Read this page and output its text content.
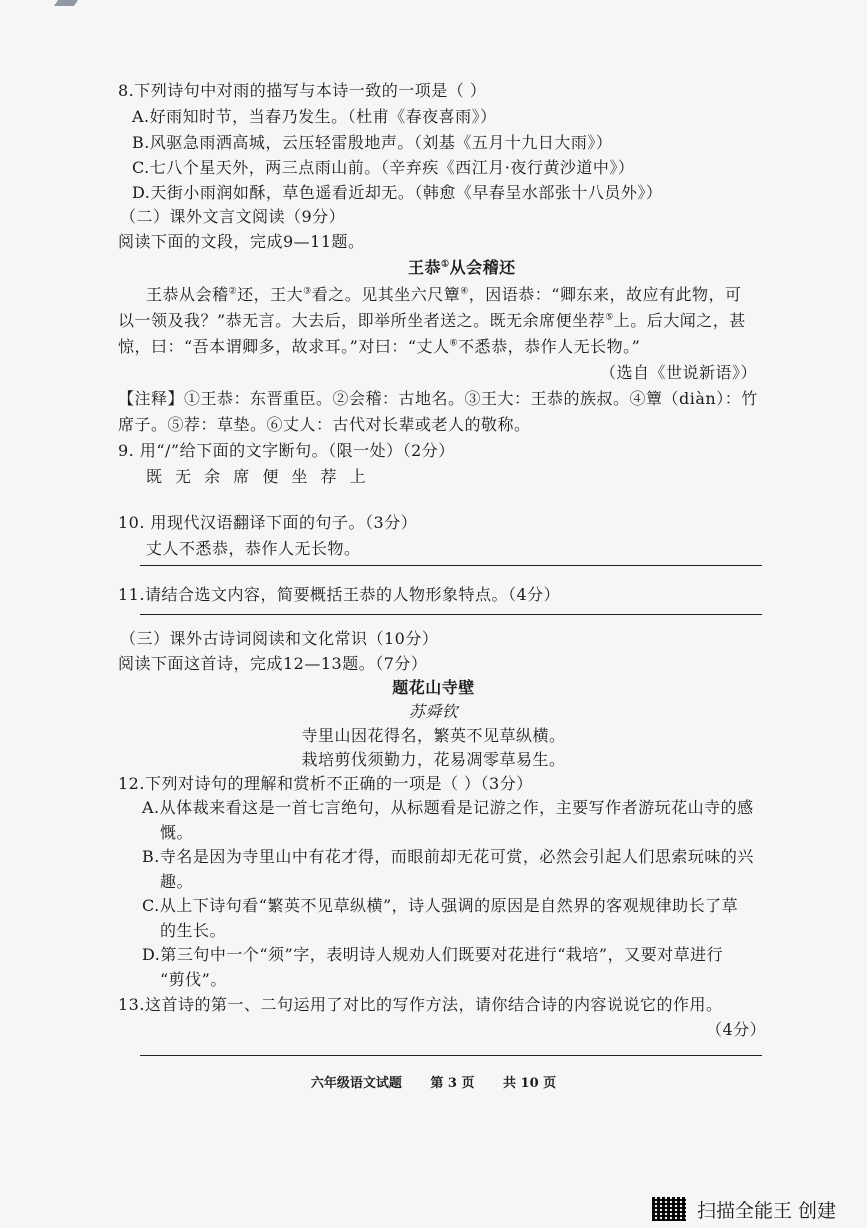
8.下列诗句中对雨的描写与本诗一致的一项是（ ）
A.好雨知时节，当春乃发生。（杜甫《春夜喜雨》）
B.风驱急雨洒高城，云压轻雷殷地声。（刘基《五月十九日大雨》）
C.七八个星天外，两三点雨山前。（辛弃疾《西江月·夜行黄沙道中》）
D.天街小雨润如酥，草色遥看近却无。（韩愈《早春呈水部张十八员外》）
（二）课外文言文阅读（9分）
阅读下面的文段，完成9—11题。
王恭①从会稽还
王恭从会稽②还，王大③看之。见其坐六尺簟④，因语恭：“卿东来，故应有此物，可
以一领及我？”恭无言。大去后，即举所坐者送之。既无余席便坐荐⑤上。后大闻之，甚
惊，曰：“吾本谓卿多，故求耳。”对曰：“丈人⑥不悉恭，恭作人无长物。”
（选自《世说新语》）
【注释】①王恭：东晋重臣。②会稽：古地名。③王大：王恭的族叔。④簟（diàn）：竹
席子。⑤荐：草垫。⑥丈人：古代对长辈或老人的敬称。
9. 用“/”给下面的文字断句。（限一处）（2分）
既 无 余 席 便 坐 荐 上
10. 用现代汉语翻译下面的句子。（3分）
丈人不悉恭，恭作人无长物。
11.请结合选文内容，简要概括王恭的人物形象特点。（4分）
（三）课外古诗词阅读和文化常识（10分）
阅读下面这首诗，完成12—13题。（7分）
题花山寺壁
苏舜钦
寺里山因花得名，繁英不见草纵横。
栽培剪伐须勤力，花易凋零草易生。
12.下列对诗句的理解和赏析不正确的一项是（ ）（3分）
A.从体裁来看这是一首七言绝句，从标题看是记游之作，主要写作者游玩花山寺的感
慨。
B.寺名是因为寺里山中有花才得，而眼前却无花可赏，必然会引起人们思索玩味的兴
趣。
C.从上下诗句看“繁英不见草纵横”，诗人强调的原因是自然界的客观规律助长了草
的生长。
D.第三句中一个“须”字，表明诗人规劝人们既要对花进行“栽培”，又要对草进行
“剪伐”。
13.这首诗的第一、二句运用了对比的写作方法，请你结合诗的内容说说它的作用。
（4分）
六年级语文试题 第 3 页 共 10 页
扫描全能王 创建
